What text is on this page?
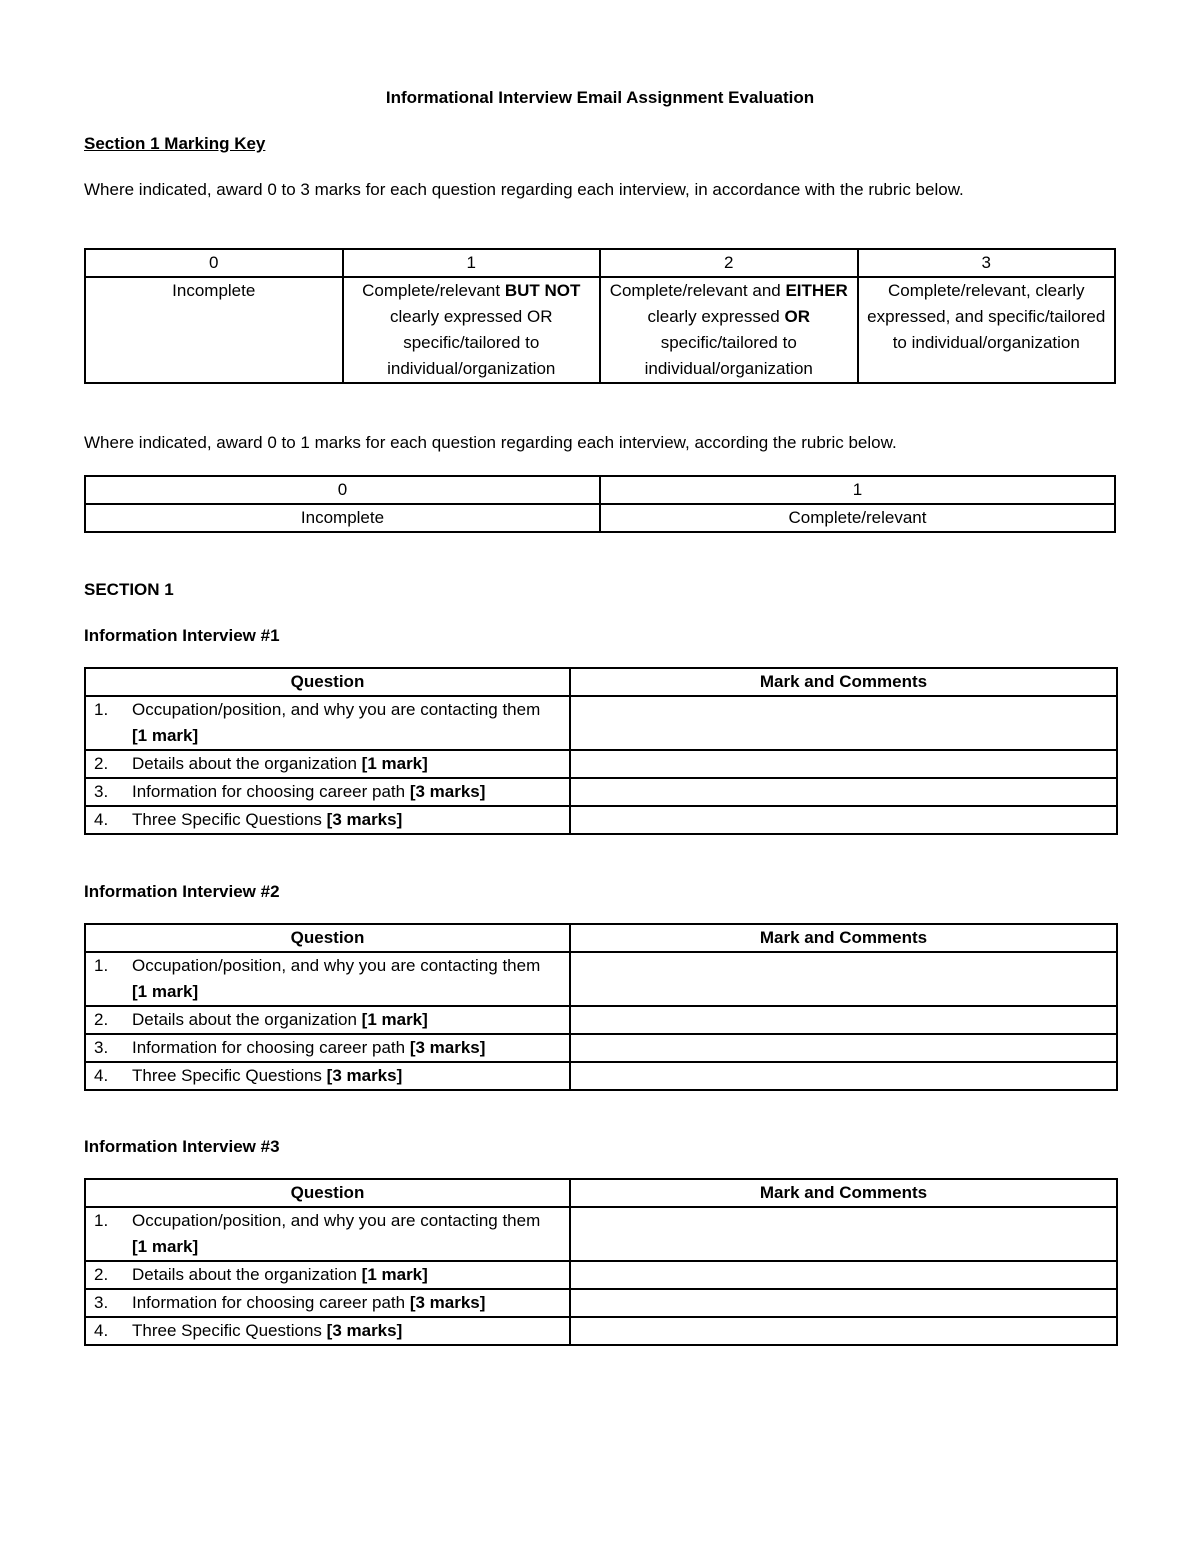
Informational Interview Email Assignment Evaluation
Section 1 Marking Key
Where indicated, award 0 to 3 marks for each question regarding each interview, in accordance with the rubric below.
0	1	2	3
Incomplete	Complete/relevant BUT NOT clearly expressed OR specific/tailored to individual/organization	Complete/relevant and EITHER clearly expressed OR specific/tailored to individual/organization	Complete/relevant, clearly expressed, and specific/tailored to individual/organization
Where indicated, award 0 to 1 marks for each question regarding each interview, according the rubric below.
0	1
Incomplete	Complete/relevant
SECTION 1
Information Interview #1
Question	Mark and Comments
1. Occupation/position, and why you are contacting them [1 mark]	
2. Details about the organization [1 mark]	
3. Information for choosing career path [3 marks]	
4. Three Specific Questions [3 marks]	
Information Interview #2
Question	Mark and Comments
1. Occupation/position, and why you are contacting them [1 mark]	
2. Details about the organization [1 mark]	
3. Information for choosing career path [3 marks]	
4. Three Specific Questions [3 marks]	
Information Interview #3
Question	Mark and Comments
1. Occupation/position, and why you are contacting them [1 mark]	
2. Details about the organization [1 mark]	
3. Information for choosing career path [3 marks]	
4. Three Specific Questions [3 marks]	
